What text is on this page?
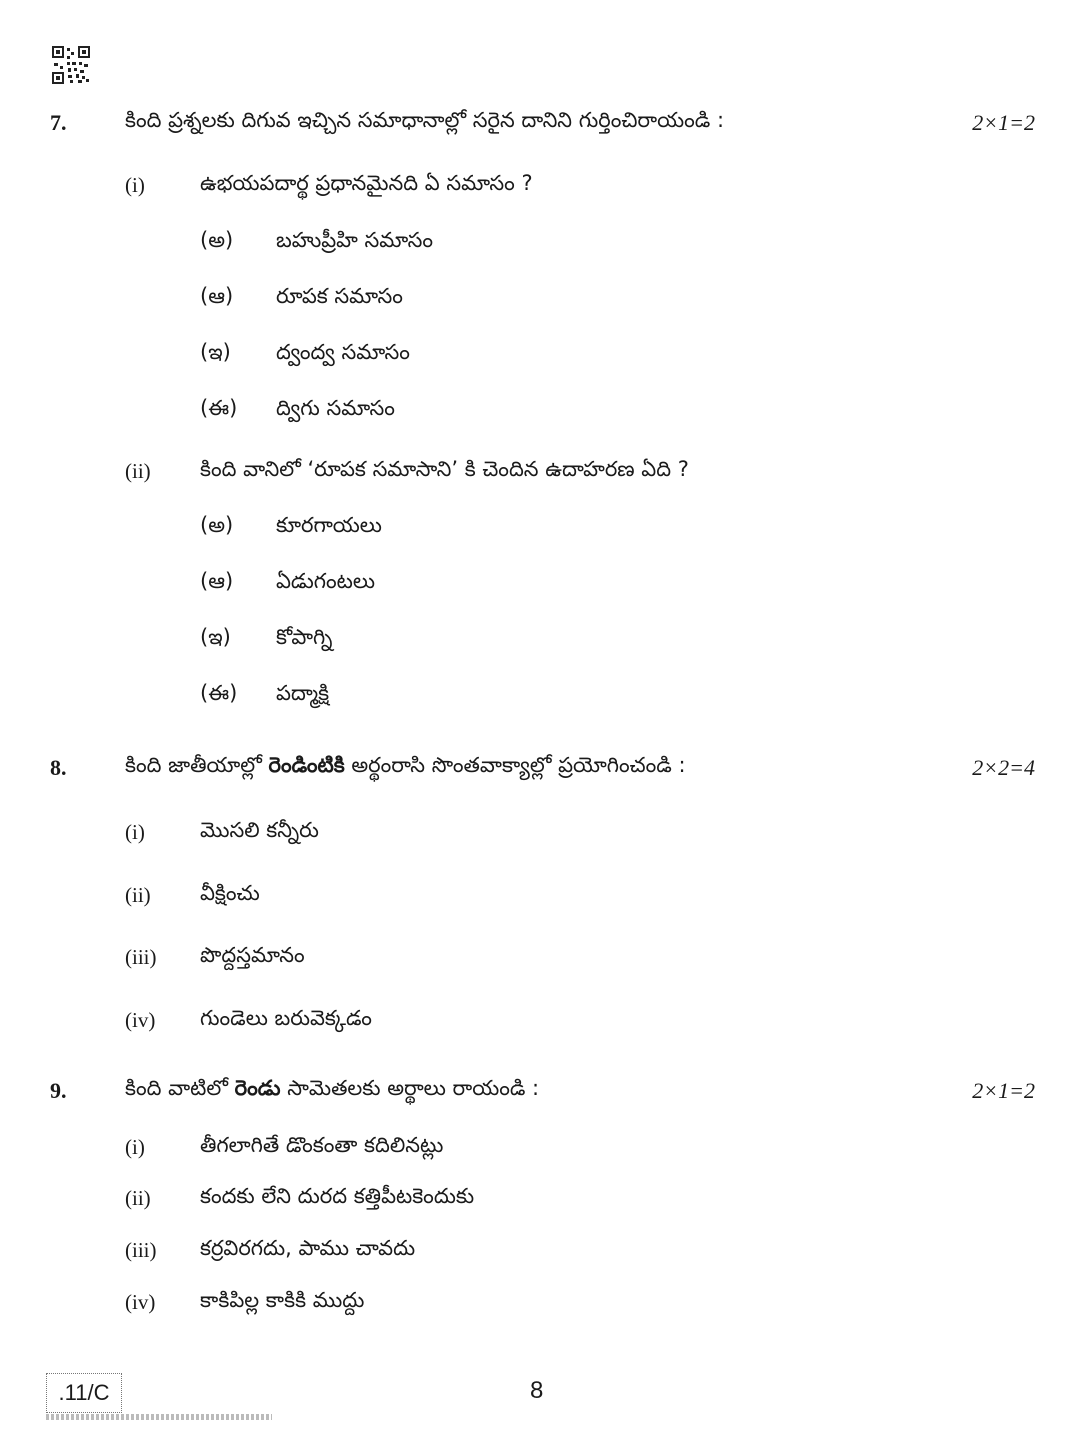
7.	కింది ప్రశ్నలకు దిగువ ఇచ్చిన సమాధానాల్లో సరైన దానిని గుర్తించిరాయండి :	2×1=2
(i)	ఉభయపదార్థ ప్రధానమైనది ఏ సమాసం ?
(అ) బహుప్రీహి సమాసం
(ఆ) రూపక సమాసం
(ఇ) ద్వంద్వ సమాసం
(ఈ) ద్విగు సమాసం
(ii) కింది వానిలో ‘రూపక సమాసాని’ కి చెందిన ఉదాహరణ ఏది ?
(అ) కూరగాయలు
(ఆ) ఏడుగంటలు
(ఇ) కోపాగ్ని
(ఈ) పద్మాక్షి
8.	కింది జాతీయాల్లో రెండింటికి అర్థంరాసి సొంతవాక్యాల్లో ప్రయోగించండి :	2×2=4
(i)	మొసలి కన్నీరు
(ii) వీక్షించు
(iii) పొద్దస్తమానం
(iv) గుండెలు బరువెక్కడం
9.	కింది వాటిలో రెండు సామెతలకు అర్థాలు రాయండి :	2×1=2
(i)	తీగలాగితే డొంకంతా కదిలినట్లు
(ii) కందకు లేని దురద కత్తిపీటకెందుకు
(iii) కర్రవిరగదు, పాము చావదు
(iv) కాకిపిల్ల కాకికి ముద్దు
.11/C	8
